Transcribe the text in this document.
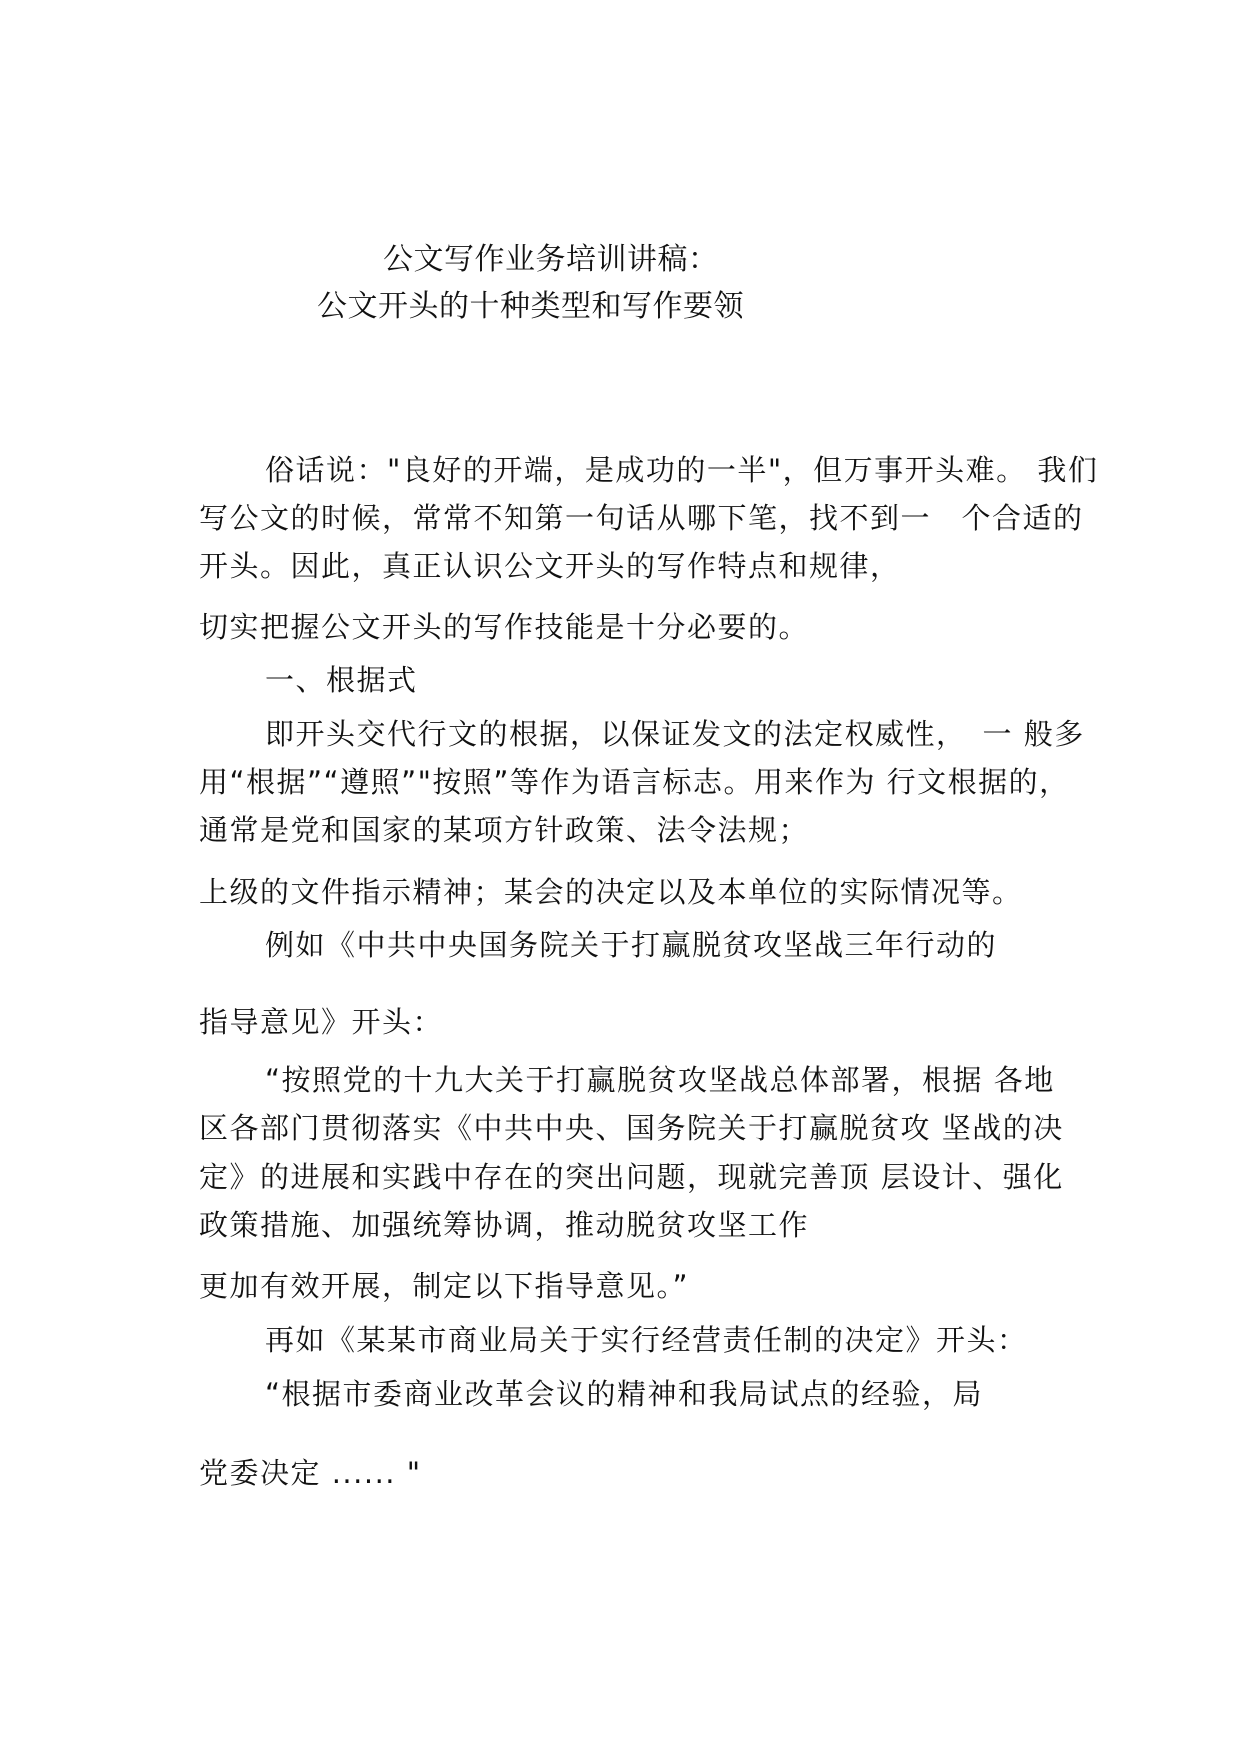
公文写作业务培训讲稿：
公文开头的十种类型和写作要领
俗话说："良好的开端，是成功的一半"，但万事开头难。 我们
写公文的时候，常常不知第一句话从哪下笔，找不到一　个合适的
开头。因此，真正认识公文开头的写作特点和规律，
切实把握公文开头的写作技能是十分必要的。
一、根据式
即开头交代行文的根据，以保证发文的法定权威性，　一 般多
用“根据”“遵照”"按照”等作为语言标志。用来作为 行文根据的，
通常是党和国家的某项方针政策、法令法规；
上级的文件指示精神；某会的决定以及本单位的实际情况等。
例如《中共中央国务院关于打赢脱贫攻坚战三年行动的
指导意见》开头：
“按照党的十九大关于打赢脱贫攻坚战总体部署，根据 各地
区各部门贯彻落实《中共中央、国务院关于打赢脱贫攻 坚战的决
定》的进展和实践中存在的突出问题，现就完善顶 层设计、强化
政策措施、加强统筹协调，推动脱贫攻坚工作
更加有效开展，制定以下指导意见。”
再如《某某市商业局关于实行经营责任制的决定》开头：
“根据市委商业改革会议的精神和我局试点的经验，局
党委决定 ...... "
